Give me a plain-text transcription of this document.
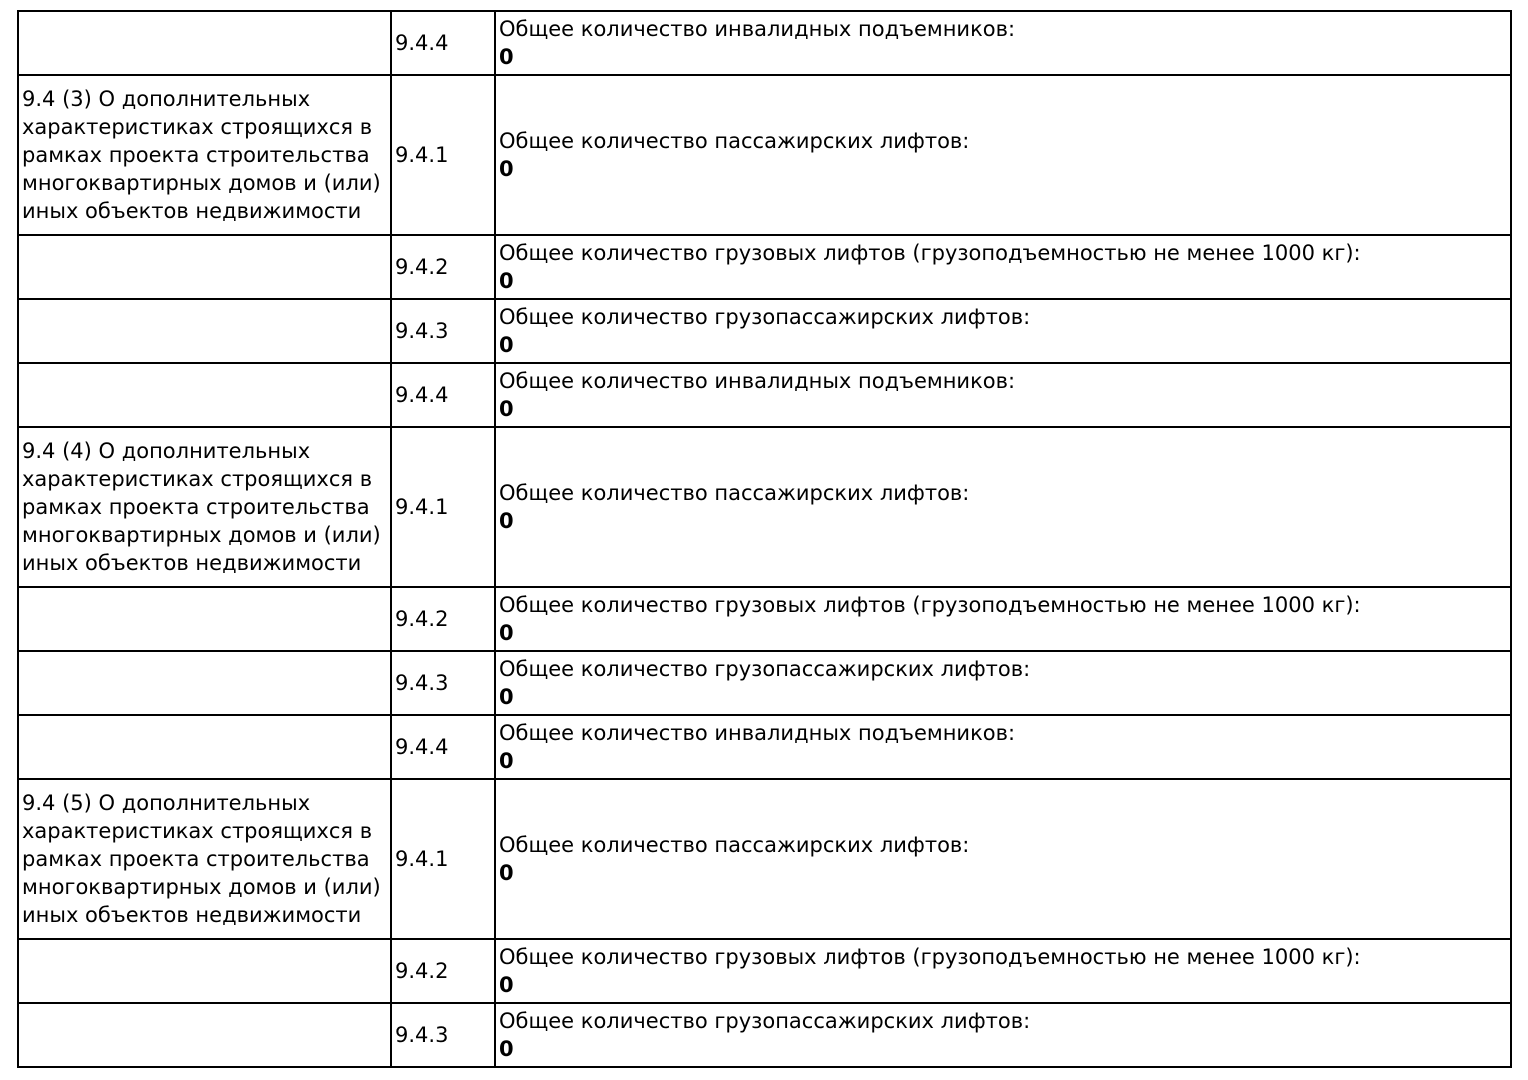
	9.4.4	Общее количество инвалидных подъемников:
0

9.4 (3) О дополнительных характеристиках строящихся в рамках проекта строительства многоквартирных домов и (или) иных объектов недвижимости	9.4.1	Общее количество пассажирских лифтов:
0

	9.4.2	Общее количество грузовых лифтов (грузоподъемностью не менее 1000 кг):
0

	9.4.3	Общее количество грузопассажирских лифтов:
0

	9.4.4	Общее количество инвалидных подъемников:
0

9.4 (4) О дополнительных характеристиках строящихся в рамках проекта строительства многоквартирных домов и (или) иных объектов недвижимости	9.4.1	Общее количество пассажирских лифтов:
0

	9.4.2	Общее количество грузовых лифтов (грузоподъемностью не менее 1000 кг):
0

	9.4.3	Общее количество грузопассажирских лифтов:
0

	9.4.4	Общее количество инвалидных подъемников:
0

9.4 (5) О дополнительных характеристиках строящихся в рамках проекта строительства многоквартирных домов и (или) иных объектов недвижимости	9.4.1	Общее количество пассажирских лифтов:
0

	9.4.2	Общее количество грузовых лифтов (грузоподъемностью не менее 1000 кг):
0

	9.4.3	Общее количество грузопассажирских лифтов:
0
